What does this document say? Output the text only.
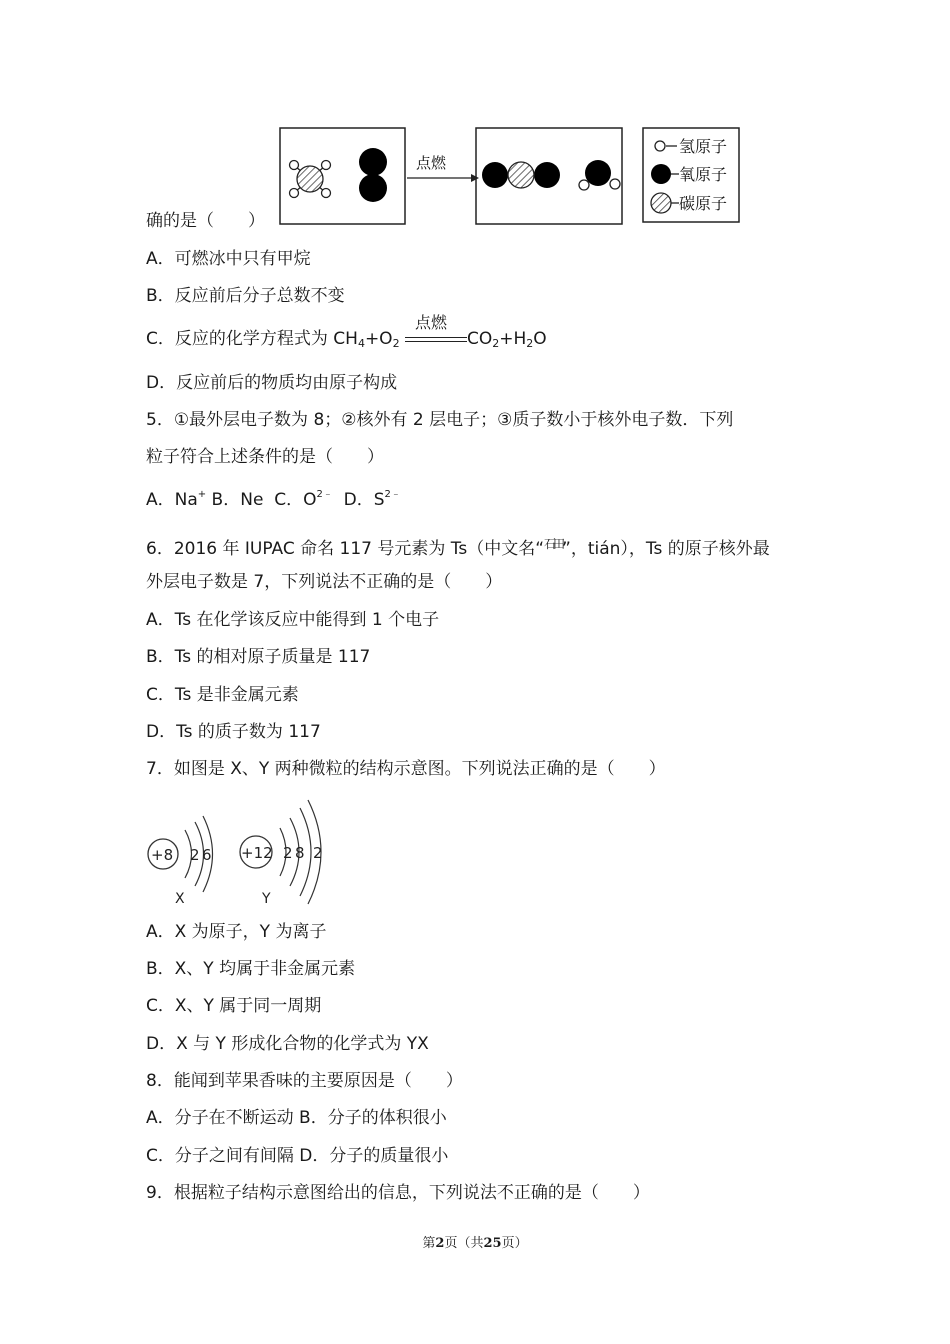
点燃
氢原子
氧原子
碳原子
确的是（　　）
A．可燃冰中只有甲烷
B．反应前后分子总数不变
C．反应的化学方程式为 $CH_4+O_2$
点燃
$CO_2+H_2O$
D．反应前后的物质均由原子构成
5．①最外层电子数为 8；②核外有 2 层电子；③质子数小于核外电子数．下列
粒子符合上述条件的是（　　）
A．Na+ B．Ne  C．$O^{2﹣}$  D．$S^{2﹣}$
6．2016 年 IUPAC 命名 117 号元素为 Ts（中文名“石田”，tián），Ts 的原子核外最
外层电子数是 7，下列说法不正确的是（　　）
A．Ts 在化学该反应中能得到 1 个电子
B．Ts 的相对原子质量是 117
C．Ts 是非金属元素
D．Ts 的质子数为 117
7．如图是 X、Y 两种微粒的结构示意图。下列说法正确的是（　　）
+8 2 6
X
+12 2 8 2
Y
A．X 为原子，Y 为离子
B．X、Y 均属于非金属元素
C．X、Y 属于同一周期
D．X 与 Y 形成化合物的化学式为 YX
8．能闻到苹果香味的主要原因是（　　）
A．分子在不断运动 B．分子的体积很小
C．分子之间有间隔 D．分子的质量很小
9．根据粒子结构示意图给出的信息，下列说法不正确的是（　　）
第2页（共25页）
